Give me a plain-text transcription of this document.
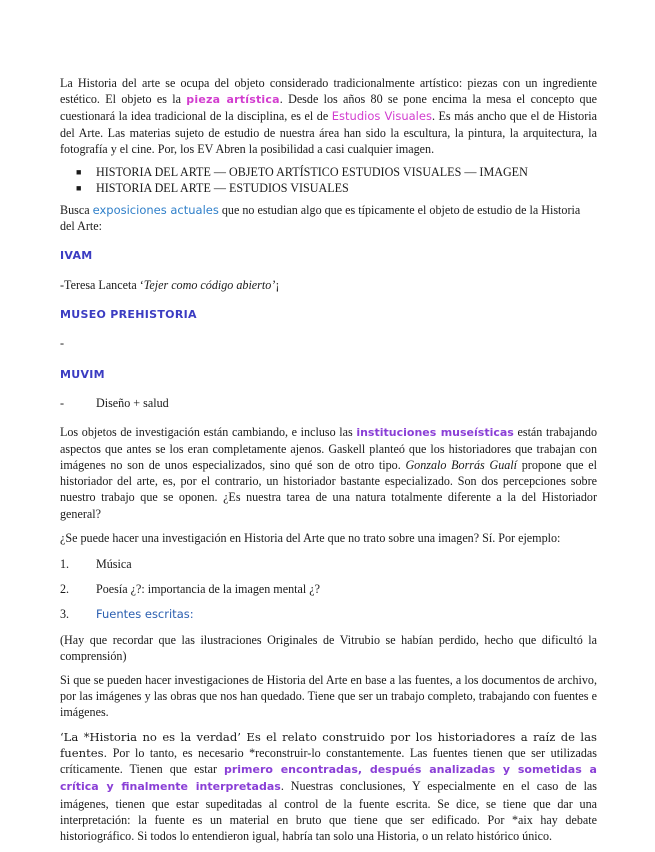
La Historia del arte se ocupa del objeto considerado tradicionalmente artístico: piezas con un ingrediente estético. El objeto es la pieza artística. Desde los años 80 se pone encima la mesa el concepto que cuestionará la idea tradicional de la disciplina, es el de Estudios Visuales. Es más ancho que el de Historia del Arte. Las materias sujeto de estudio de nuestra área han sido la escultura, la pintura, la arquitectura, la fotografía y el cine. Por, los EV Abren la posibilidad a casi cualquier imagen.

■ HISTORIA DEL ARTE — OBJETO ARTÍSTICO ESTUDIOS VISUALES — IMAGEN
■ HISTORIA DEL ARTE — ESTUDIOS VISUALES

Busca exposiciones actuales que no estudian algo que es típicamente el objeto de estudio de la Historia del Arte:

IVAM

-Teresa Lanceta ‘Tejer como código abierto’¡

MUSEO PREHISTORIA

-

MUVIM
-	Diseño + salud

Los objetos de investigación están cambiando, e incluso las instituciones museísticas están trabajando aspectos que antes se los eran completamente ajenos. Gaskell planteó que los historiadores que trabajan con imágenes no son de unos especializados, sino qué son de otro tipo. Gonzalo Borrás Gualí propone que el historiador del arte, es, por el contrario, un historiador bastante especializado. Son dos percepciones sobre nuestro trabajo que se oponen. ¿Es nuestra tarea de una natura totalmente diferente a la del Historiador general?

¿Se puede hacer una investigación en Historia del Arte que no trato sobre una imagen? Sí. Por ejemplo:

1. Música
2. Poesía ¿?: importancia de la imagen mental ¿?
3. Fuentes escritas:

(Hay que recordar que las ilustraciones Originales de Vitrubio se habían perdido, hecho que dificultó la comprensión)

Si que se pueden hacer investigaciones de Historia del Arte en base a las fuentes, a los documentos de archivo, por las imágenes y las obras que nos han quedado. Tiene que ser un trabajo completo, trabajando con fuentes e imágenes.

‘La *Historia no es la verdad’ Es el relato construido por los historiadores a raíz de las fuentes. Por lo tanto, es necesario *reconstruir-lo constantemente. Las fuentes tienen que ser utilizadas críticamente. Tienen que estar primero encontradas, después analizadas y sometidas a crítica y finalmente interpretadas. Nuestras conclusiones, Y especialmente en el caso de las imágenes, tienen que estar supeditadas al control de la fuente escrita. Se dice, se tiene que dar una interpretación: la fuente es un material en bruto que tiene que ser edificado. Por *aix hay debate historiográfico. Si todos lo entendieron igual, habría tan solo una Historia, o un relato histórico único.
